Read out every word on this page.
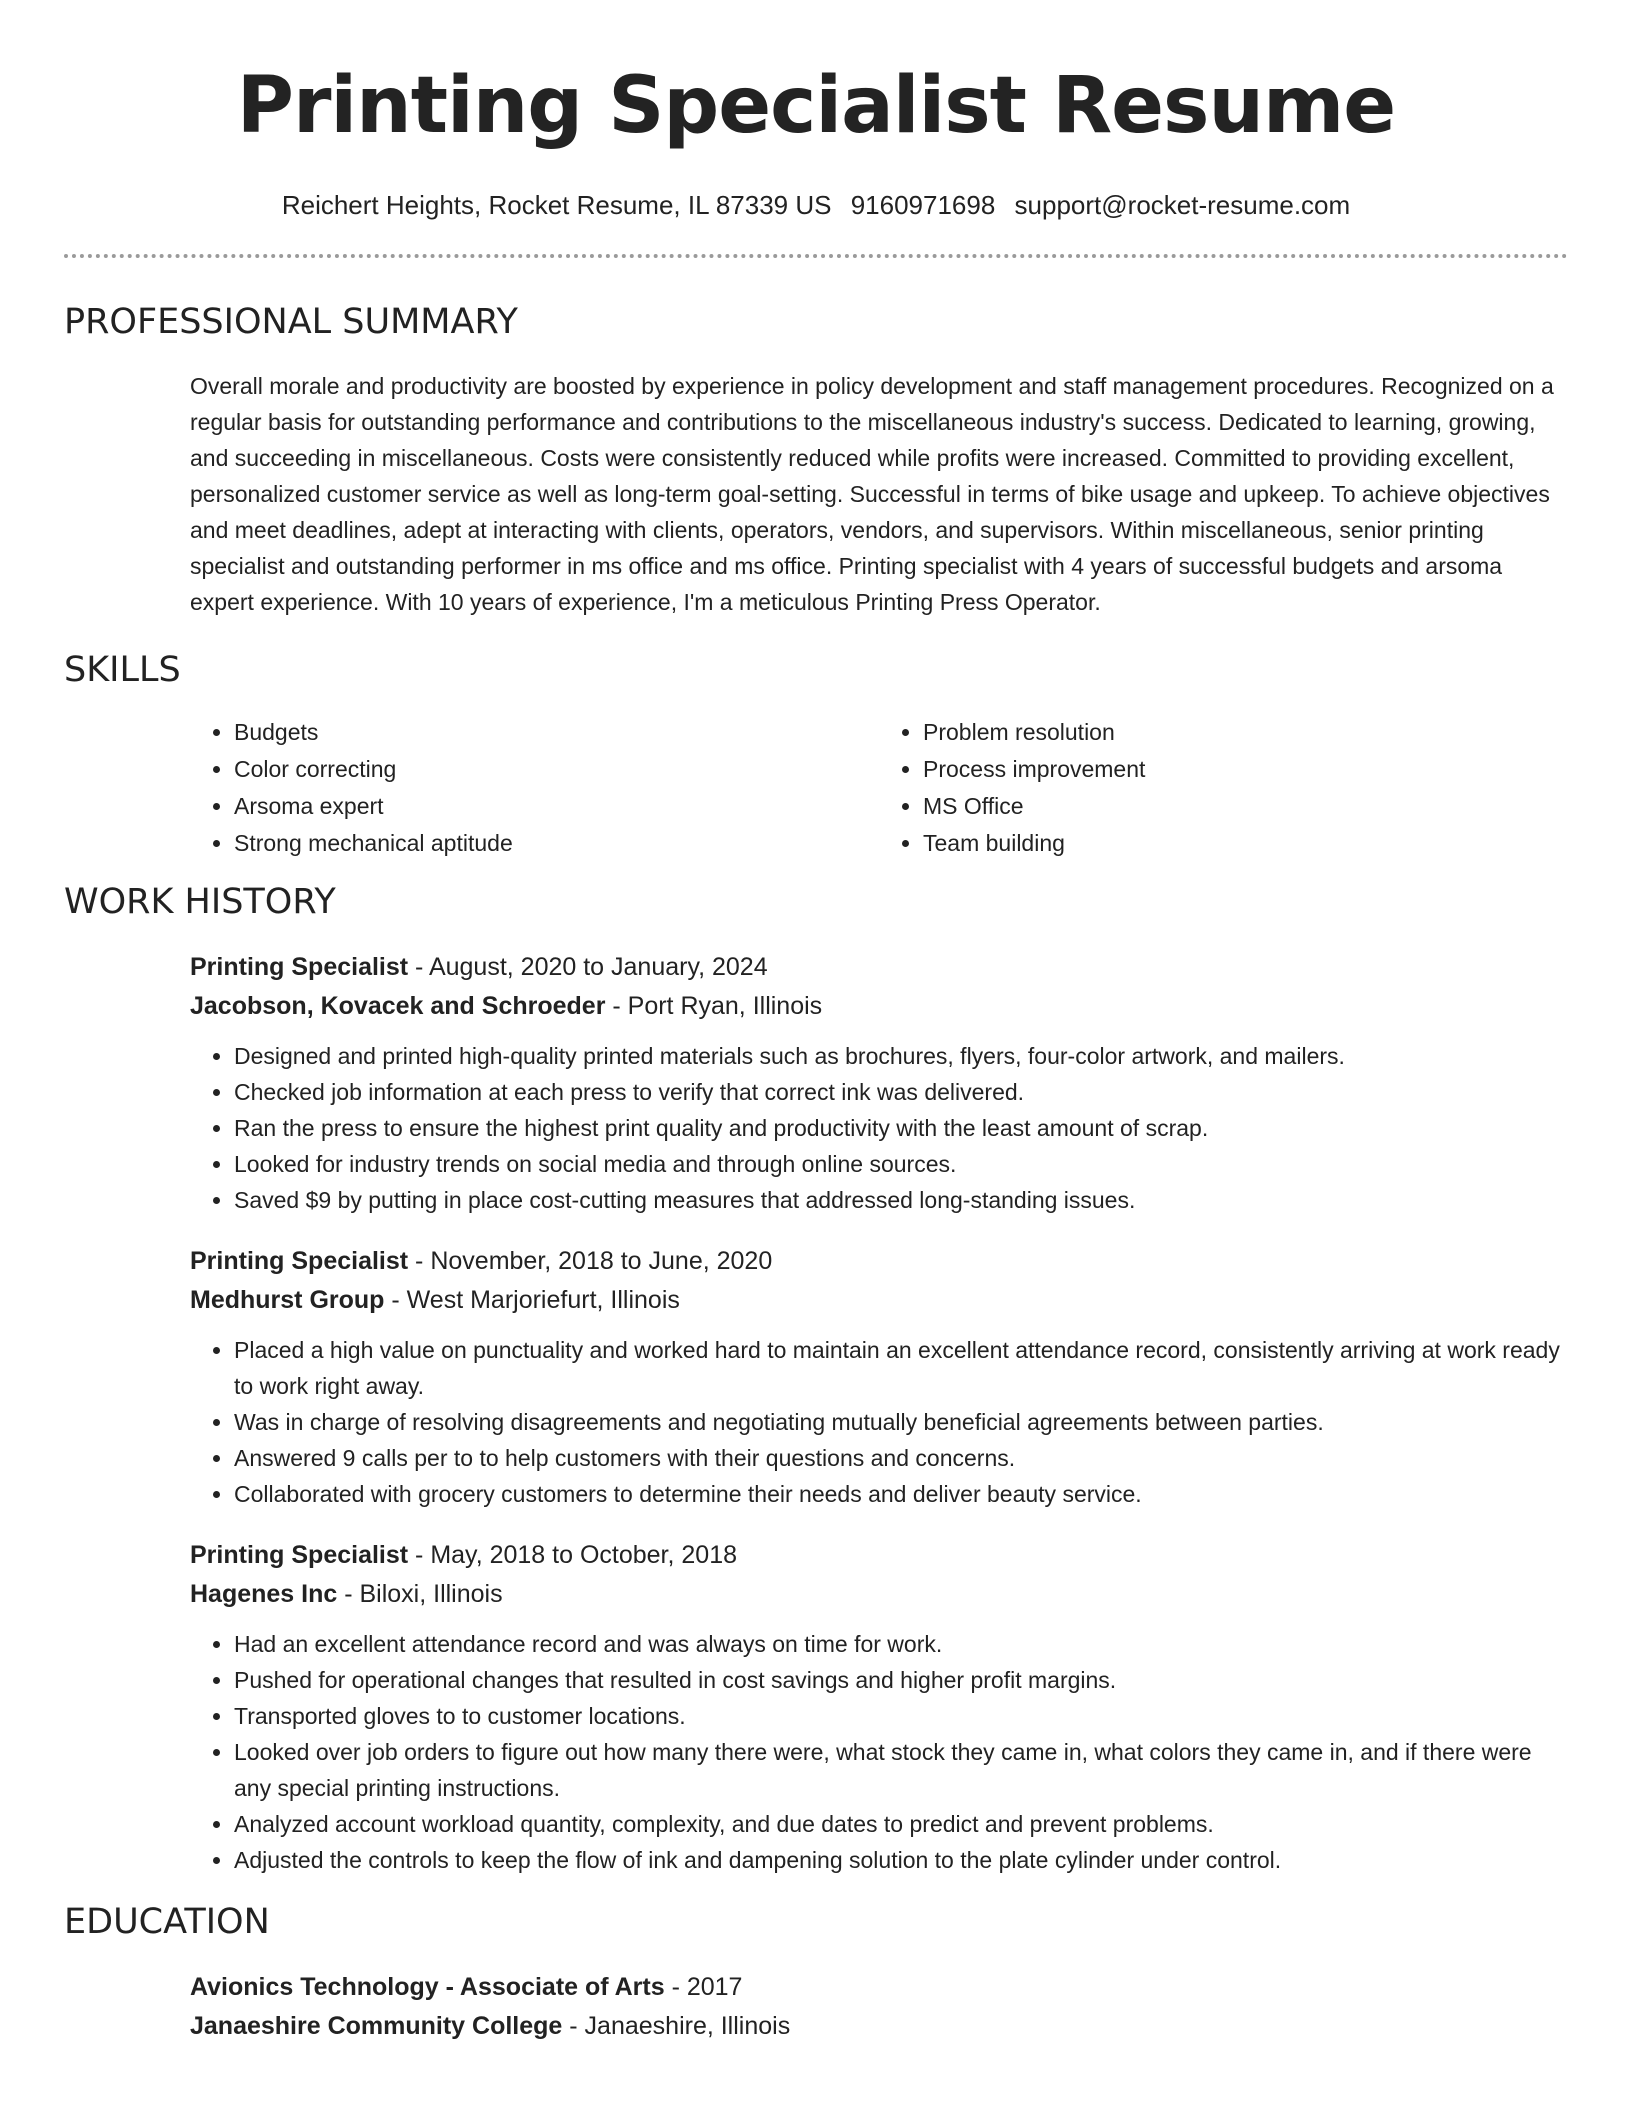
Printing Specialist Resume
Reichert Heights, Rocket Resume, IL 87339 US 9160971698 support@rocket-resume.com
PROFESSIONAL SUMMARY

Overall morale and productivity are boosted by experience in policy development and staff management procedures. Recognized on a regular basis for outstanding performance and contributions to the miscellaneous industry's success. Dedicated to learning, growing, and succeeding in miscellaneous. Costs were consistently reduced while profits were increased. Committed to providing excellent, personalized customer service as well as long-term goal-setting. Successful in terms of bike usage and upkeep. To achieve objectives and meet deadlines, adept at interacting with clients, operators, vendors, and supervisors. Within miscellaneous, senior printing specialist and outstanding performer in ms office and ms office. Printing specialist with 4 years of successful budgets and arsoma expert experience. With 10 years of experience, I'm a meticulous Printing Press Operator.

SKILLS
• Budgets
• Color correcting
• Arsoma expert
• Strong mechanical aptitude
• Problem resolution
• Process improvement
• MS Office
• Team building
WORK HISTORY
Printing Specialist - August, 2020 to January, 2024
Jacobson, Kovacek and Schroeder - Port Ryan, Illinois
• Designed and printed high-quality printed materials such as brochures, flyers, four-color artwork, and mailers.
• Checked job information at each press to verify that correct ink was delivered.
• Ran the press to ensure the highest print quality and productivity with the least amount of scrap.
• Looked for industry trends on social media and through online sources.
• Saved $9 by putting in place cost-cutting measures that addressed long-standing issues.
Printing Specialist - November, 2018 to June, 2020
Medhurst Group - West Marjoriefurt, Illinois
• Placed a high value on punctuality and worked hard to maintain an excellent attendance record, consistently arriving at work ready to work right away.
• Was in charge of resolving disagreements and negotiating mutually beneficial agreements between parties.
• Answered 9 calls per to to help customers with their questions and concerns.
• Collaborated with grocery customers to determine their needs and deliver beauty service.
Printing Specialist - May, 2018 to October, 2018
Hagenes Inc - Biloxi, Illinois
• Had an excellent attendance record and was always on time for work.
• Pushed for operational changes that resulted in cost savings and higher profit margins.
• Transported gloves to to customer locations.
• Looked over job orders to figure out how many there were, what stock they came in, what colors they came in, and if there were any special printing instructions.
• Analyzed account workload quantity, complexity, and due dates to predict and prevent problems.
• Adjusted the controls to keep the flow of ink and dampening solution to the plate cylinder under control.
EDUCATION
Avionics Technology - Associate of Arts - 2017
Janaeshire Community College - Janaeshire, Illinois
